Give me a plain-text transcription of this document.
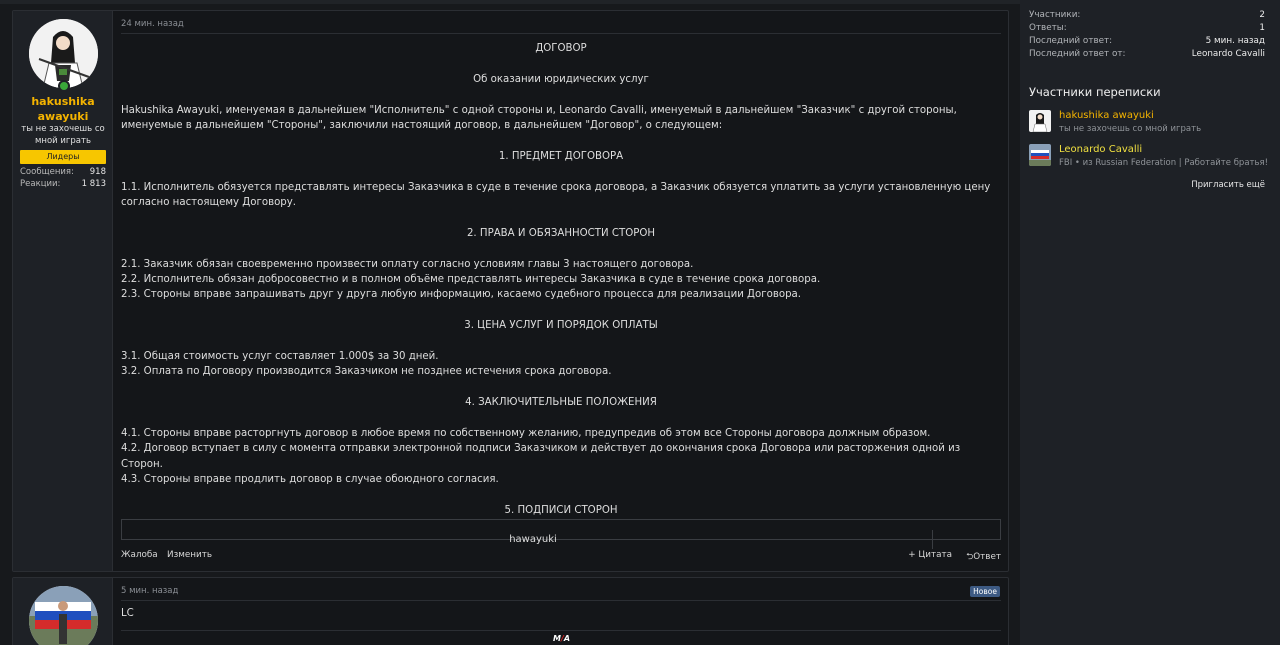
hakushika
awayuki
ты не захочешь со
мной играть
Лидеры
Сообщения: 918
Реакции:	1 813
24 мин. назад

ДОГОВОР

Об оказании юридических услуг

Hakushika Awayuki, именуемая в дальнейшем "Исполнитель" с одной стороны и, Leonardo Cavalli, именуемый в дальнейшем "Заказчик" с другой стороны, именуемые в дальнейшем "Стороны", заключили настоящий договор, в дальнейшем "Договор", о следующем:

1. ПРЕДМЕТ ДОГОВОРА

1.1. Исполнитель обязуется представлять интересы Заказчика в суде в течение срока договора, а Заказчик обязуется уплатить за услуги установленную цену согласно настоящему Договору.

2. ПРАВА И ОБЯЗАННОСТИ СТОРОН

2.1. Заказчик обязан своевременно произвести оплату согласно условиям главы 3 настоящего договора.

2.2. Исполнитель обязан добросовестно и в полном объёме представлять интересы Заказчика в суде в течение срока договора.

2.3. Стороны вправе запрашивать друг у друга любую информацию, касаемо судебного процесса для реализации Договора.

3. ЦЕНА УСЛУГ И ПОРЯДОК ОПЛАТЫ

3.1. Общая стоимость услуг составляет 1.000$ за 30 дней.

3.2. Оплата по Договору производится Заказчиком не позднее истечения срока договора.

4. ЗАКЛЮЧИТЕЛЬНЫЕ ПОЛОЖЕНИЯ

4.1. Стороны вправе расторгнуть договор в любое время по собственному желанию, предупредив об этом все Стороны договора должным образом.

4.2. Договор вступает в силу с момента отправки электронной подписи Заказчиком и действует до окончания срока Договора или расторжения одной из Сторон.

4.3. Стороны вправе продлить договор в случае обоюдного согласия.

5. ПОДПИСИ СТОРОН

hawayuki
Жалоба Изменить	+ Цитата ⮌Ответ
5 мин. назад	Новое
LC
M/A
Участники:	2
Ответы:	1
Последний ответ:	5 мин. назад
Последний ответ от:	Leonardo Cavalli
Участники переписки
hakushika awayuki
ты не захочешь со мной играть
Leonardo Cavalli
FBI • из Russian Federation | Работайте братья!
Пригласить ещё
